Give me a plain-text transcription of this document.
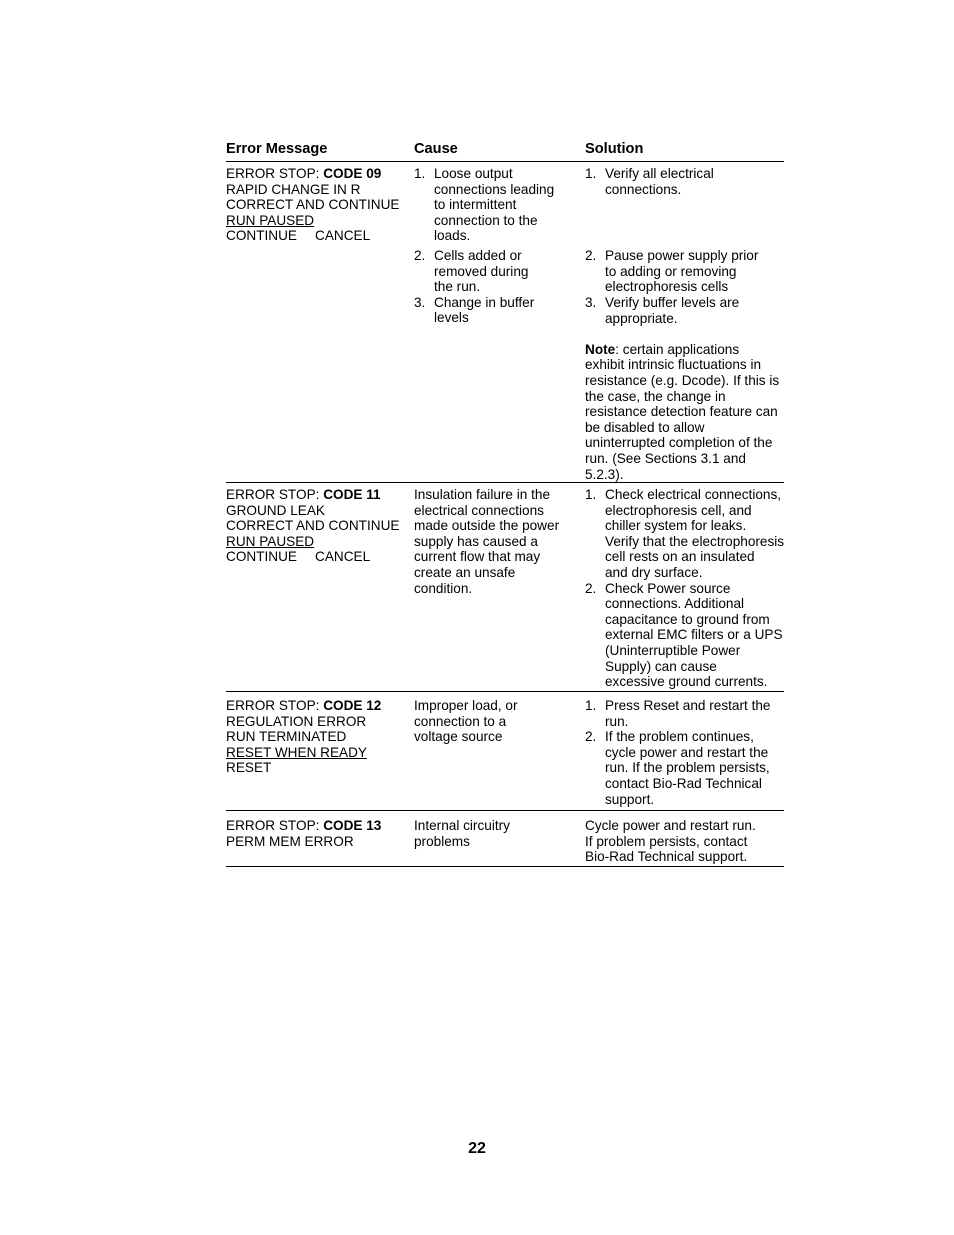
Error Message	Cause	Solution
ERROR STOP: CODE 09
RAPID CHANGE IN R
CORRECT AND CONTINUE
RUN PAUSED
CONTINUE CANCEL
1. Loose output
connections leading
to intermittent
connection to the
loads.
2. Cells added or
removed during
the run.
3. Change in buffer
levels
1. Verify all electrical
connections.
2. Pause power supply prior
to adding or removing
electrophoresis cells
3. Verify buffer levels are
appropriate.
Note: certain applications
exhibit intrinsic fluctuations in
resistance (e.g. Dcode). If this is
the case, the change in
resistance detection feature can
be disabled to allow
uninterrupted completion of the
run. (See Sections 3.1 and
5.2.3).
ERROR STOP: CODE 11
GROUND LEAK
CORRECT AND CONTINUE
RUN PAUSED
CONTINUE CANCEL
Insulation failure in the
electrical connections
made outside the power
supply has caused a
current flow that may
create an unsafe
condition.
1. Check electrical connections,
electrophoresis cell, and
chiller system for leaks.
Verify that the electrophoresis
cell rests on an insulated
and dry surface.
2. Check Power source
connections. Additional
capacitance to ground from
external EMC filters or a UPS
(Uninterruptible Power
Supply) can cause
excessive ground currents.
ERROR STOP: CODE 12
REGULATION ERROR
RUN TERMINATED
RESET WHEN READY
RESET
Improper load, or
connection to a
voltage source
1. Press Reset and restart the
run.
2. If the problem continues,
cycle power and restart the
run. If the problem persists,
contact Bio-Rad Technical
support.
ERROR STOP: CODE 13
PERM MEM ERROR
Internal circuitry
problems
Cycle power and restart run.
If problem persists, contact
Bio-Rad Technical support.
22
